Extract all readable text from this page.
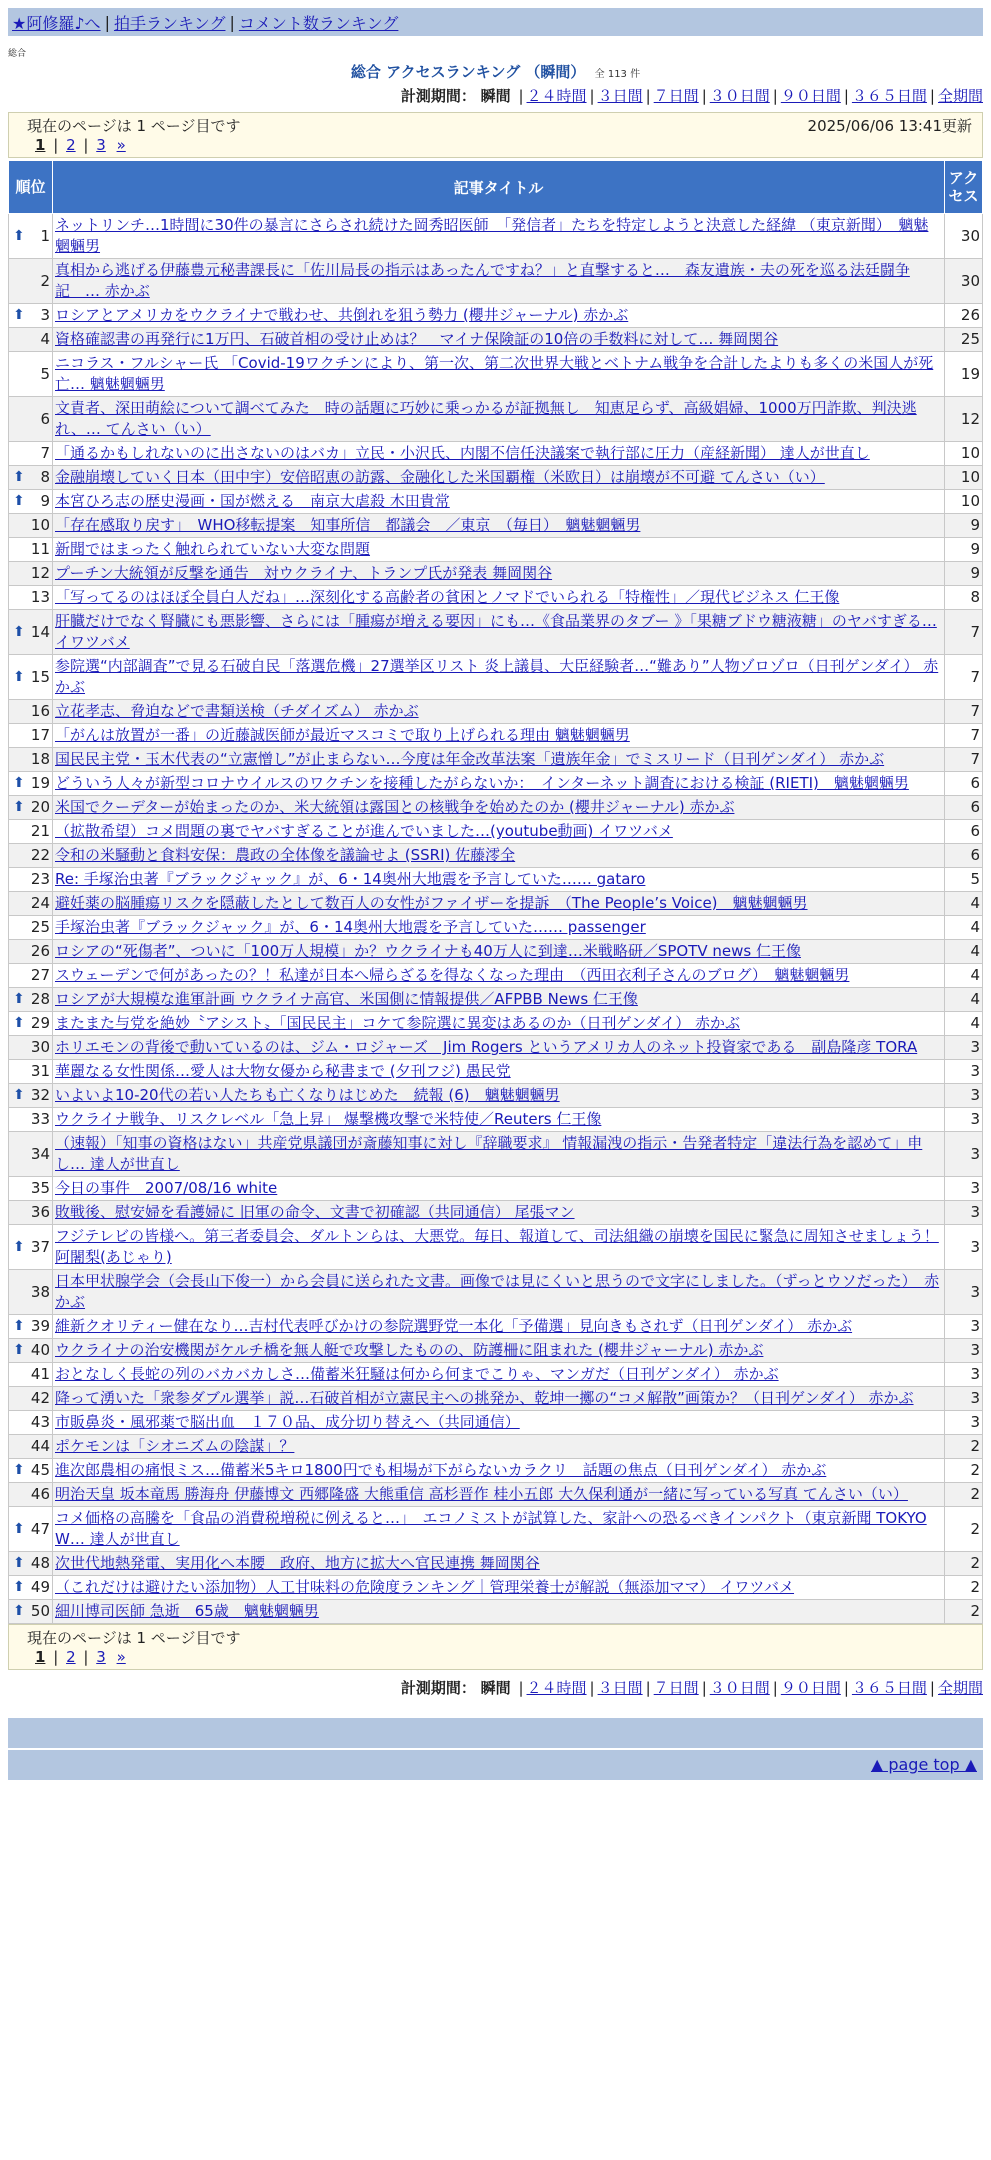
★阿修羅♪へ | 拍手ランキング | コメント数ランキング
総合
総合 アクセスランキング （瞬間） 全 113 件
計測期間： 瞬間 | ２４時間 | ３日間 | ７日間 | ３０日間 | ９０日間 | ３６５日間 | 全期間
現在のページは 1 ページ目です	2025/06/06 13:41更新
1 | 2 | 3 »
順位	記事タイトル	アクセス

⬆ 1	ネットリンチ…1時間に30件の暴言にさらされ続けた岡秀昭医師　「発信者」たちを特定しようと決意した経緯 （東京新聞）　魑魅魍魎男	30
2	真相から逃げる伊藤豊元秘書課長に「佐川局長の指示はあったんですね？」と直撃すると…　森友遺族・夫の死を巡る法廷闘争記　… 赤かぶ	30

⬆ 3	ロシアとアメリカをウクライナで戦わせ、共倒れを狙う勢力 (櫻井ジャーナル) 赤かぶ	26
4	資格確認書の再発行に1万円、石破首相の受け止めは？　マイナ保険証の10倍の手数料に対して… 舞岡関谷	25
5	ニコラス・フルシャー氏 「Covid-19ワクチンにより、第一次、第二次世界大戦とベトナム戦争を合計したよりも多くの米国人が死亡… 魑魅魍魎男	19
6	文責者、深田萌絵について調べてみた　時の話題に巧妙に乗っかるが証拠無し　知恵足らず、高級娼婦、1000万円詐欺、判決逃れ、… てんさい（い）	12
7	「通るかもしれないのに出さないのはバカ」立民・小沢氏、内閣不信任決議案で執行部に圧力（産経新聞） 達人が世直し	10

⬆ 8	金融崩壊していく日本（田中宇）安倍昭恵の訪露、金融化した米国覇権（米欧日）は崩壊が不可避 てんさい（い）	10

⬆ 9	本宮ひろ志の歴史漫画・国が燃える　南京大虐殺 木田貴常	10
10	「存在感取り戻す」　WHO移転提案　知事所信　都議会　／東京　（毎日）　魑魅魍魎男	9
11	新聞ではまったく触れられていない大変な問題	9
12	プーチン大統領が反撃を通告　対ウクライナ、トランプ氏が発表 舞岡関谷	9
13	「写ってるのはほぼ全員白人だね」…深刻化する高齢者の貧困とノマドでいられる「特権性」／現代ビジネス 仁王像	8

⬆ 14	肝臓だけでなく腎臓にも悪影響、さらには「腫瘍が増える要因」にも…《食品業界のタブー 》「果糖ブドウ糖液糖」のヤバすぎる… イワツバメ	7

⬆ 15	参院選“内部調査”で見る石破自民「落選危機」27選挙区リスト 炎上議員、大臣経験者…“難あり”人物ゾロゾロ（日刊ゲンダイ） 赤かぶ	7
16	立花孝志、脅迫などで書類送検（チダイズム） 赤かぶ	7
17	「がんは放置が一番」の近藤誠医師が最近マスコミで取り上げられる理由 魑魅魍魎男	7
18	国民民主党・玉木代表の“立憲憎し”が止まらない…今度は年金改革法案「遺族年金」でミスリード（日刊ゲンダイ） 赤かぶ	7

⬆ 19	どういう人々が新型コロナウイルスのワクチンを接種したがらないか：　インターネット調査における検証 (RIETI)　魑魅魍魎男	6

⬆ 20	米国でクーデターが始まったのか、米大統領は露国との核戦争を始めたのか (櫻井ジャーナル) 赤かぶ	6
21	（拡散希望）コメ問題の裏でヤバすぎることが進んでいました…(youtube動画) イワツバメ	6
22	令和の米騒動と食料安保：農政の全体像を議論せよ (SSRI) 佐藤澪全	6
23	Re: 手塚治虫著『ブラックジャック』が、6・14奥州大地震を予言していた…… gataro	5
24	避妊薬の脳腫瘍リスクを隠蔽したとして数百人の女性がファイザーを提訴　（The People’s Voice)　魑魅魍魎男	4
25	手塚治虫著『ブラックジャック』が、6・14奥州大地震を予言していた…… passenger	4
26	ロシアの“死傷者”、ついに「100万人規模」か？ウクライナも40万人に到達…米戦略研／SPOTV news 仁王像	4
27	スウェーデンで何があったの？！私達が日本へ帰らざるを得なくなった理由　（西田衣利子さんのブログ）　魑魅魍魎男	4

⬆ 28	ロシアが大規模な進軍計画 ウクライナ高官、米国側に情報提供／AFPBB News 仁王像	4

⬆ 29	またまた与党を絶妙〝アシスト〟「国民民主」コケて参院選に異変はあるのか（日刊ゲンダイ） 赤かぶ	4
30	ホリエモンの背後で動いているのは、ジム・ロジャーズ　Jim Rogers というアメリカ人のネット投資家である　副島隆彦 TORA	3
31	華麗なる女性関係…愛人は大物女優から秘書まで (夕刊フジ) 愚民党	3

⬆ 32	いよいよ10-20代の若い人たちも亡くなりはじめた　続報 (6)　魑魅魍魎男	3
33	ウクライナ戦争、リスクレベル「急上昇」 爆撃機攻撃で米特使／Reuters 仁王像	3
34	（速報）「知事の資格はない」共産党県議団が斎藤知事に対し『辞職要求』 情報漏洩の指示・告発者特定「違法行為を認めて」申し… 達人が世直し	3
35	今日の事件　2007/08/16 white	3
36	敗戦後、慰安婦を看護婦に 旧軍の命令、文書で初確認（共同通信） 尾張マン	3

⬆ 37	フジテレビの皆様へ。第三者委員会、ダルトンらは、大悪党。毎日、報道して、司法組織の崩壊を国民に緊急に周知させましょう！ 阿闍梨(あじゃり)	3
38	日本甲状腺学会（会長山下俊一）から会員に送られた文書。画像では見にくいと思うので文字にしました。（ずっとウソだった）　赤かぶ	3

⬆ 39	維新クオリティー健在なり…吉村代表呼びかけの参院選野党一本化「予備選」見向きもされず（日刊ゲンダイ） 赤かぶ	3

⬆ 40	ウクライナの治安機関がケルチ橋を無人艇で攻撃したものの、防護柵に阻まれた (櫻井ジャーナル) 赤かぶ	3
41	おとなしく長蛇の列のバカバカしさ…備蓄米狂騒は何から何までこりゃ、マンガだ（日刊ゲンダイ） 赤かぶ	3
42	降って湧いた「衆参ダブル選挙」説…石破首相が立憲民主への挑発か、乾坤一擲の“コメ解散”画策か？（日刊ゲンダイ） 赤かぶ	3
43	市販鼻炎・風邪薬で脳出血　１７０品、成分切り替えへ（共同通信）	3
44	ポケモンは「シオニズムの陰謀」？	2

⬆ 45	進次郎農相の痛恨ミス…備蓄米5キロ1800円でも相場が下がらないカラクリ　話題の焦点（日刊ゲンダイ） 赤かぶ	2
46	明治天皇 坂本竜馬 勝海舟 伊藤博文 西郷隆盛 大熊重信 高杉晋作 桂小五郎 大久保利通が一緒に写っている写真 てんさい（い）	2

⬆ 47	コメ価格の高騰を「食品の消費税増税に例えると…」　エコノミストが試算した、家計への恐るべきインパクト（東京新聞 TOKYO W… 達人が世直し	2

⬆ 48	次世代地熱発電、実用化へ本腰　政府、地方に拡大へ官民連携 舞岡関谷	2

⬆ 49	（これだけは避けたい添加物）人工甘味料の危険度ランキング｜管理栄養士が解説（無添加ママ） イワツバメ	2

⬆ 50	細川博司医師 急逝　65歳　魑魅魍魎男	2
現在のページは 1 ページ目です
1 | 2 | 3 »
計測期間： 瞬間 | ２４時間 | ３日間 | ７日間 | ３０日間 | ９０日間 | ３６５日間 | 全期間
▲ page top ▲
